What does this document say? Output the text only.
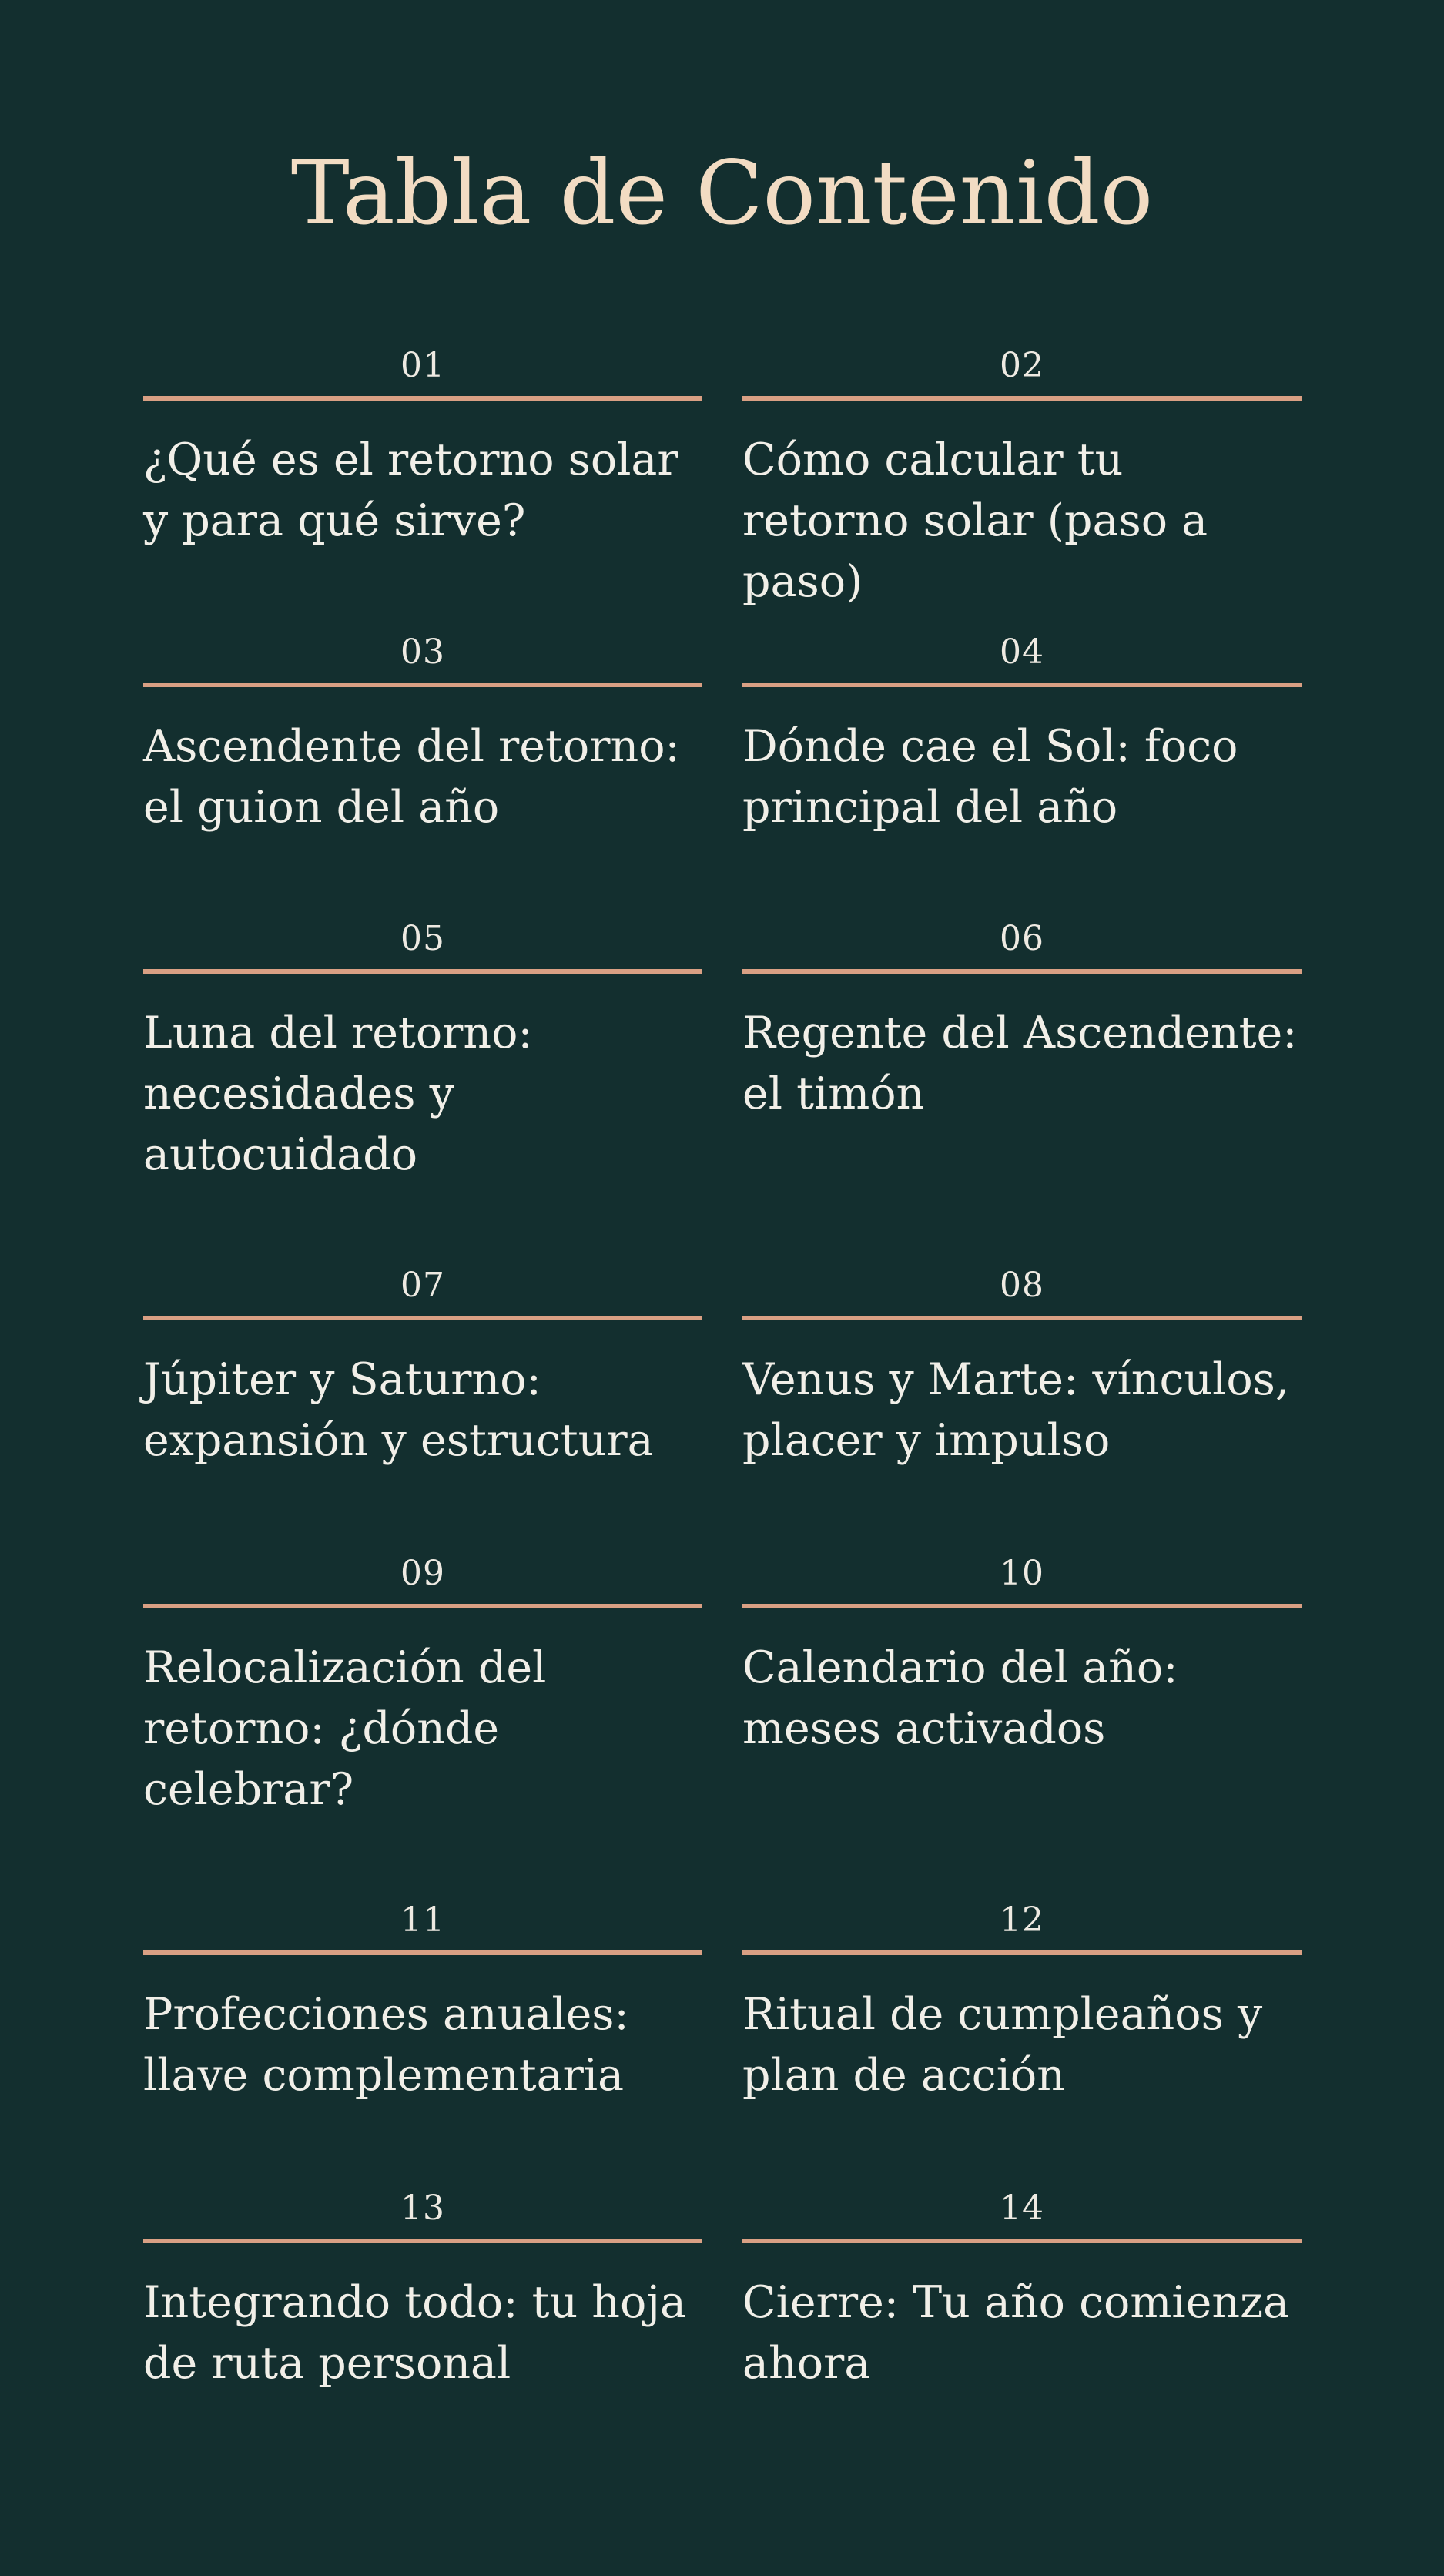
Tabla de Contenido
01
¿Qué es el retorno solar y para qué sirve?
02
Cómo calcular tu retorno solar (paso a paso)
03
Ascendente del retorno: el guion del año
04
Dónde cae el Sol: foco principal del año
05
Luna del retorno: necesidades y autocuidado
06
Regente del Ascendente: el timón
07
Júpiter y Saturno: expansión y estructura
08
Venus y Marte: vínculos, placer y impulso
09
Relocalización del retorno: ¿dónde celebrar?
10
Calendario del año: meses activados
11
Profecciones anuales: llave complementaria
12
Ritual de cumpleaños y plan de acción
13
Integrando todo: tu hoja de ruta personal
14
Cierre: Tu año comienza ahora
